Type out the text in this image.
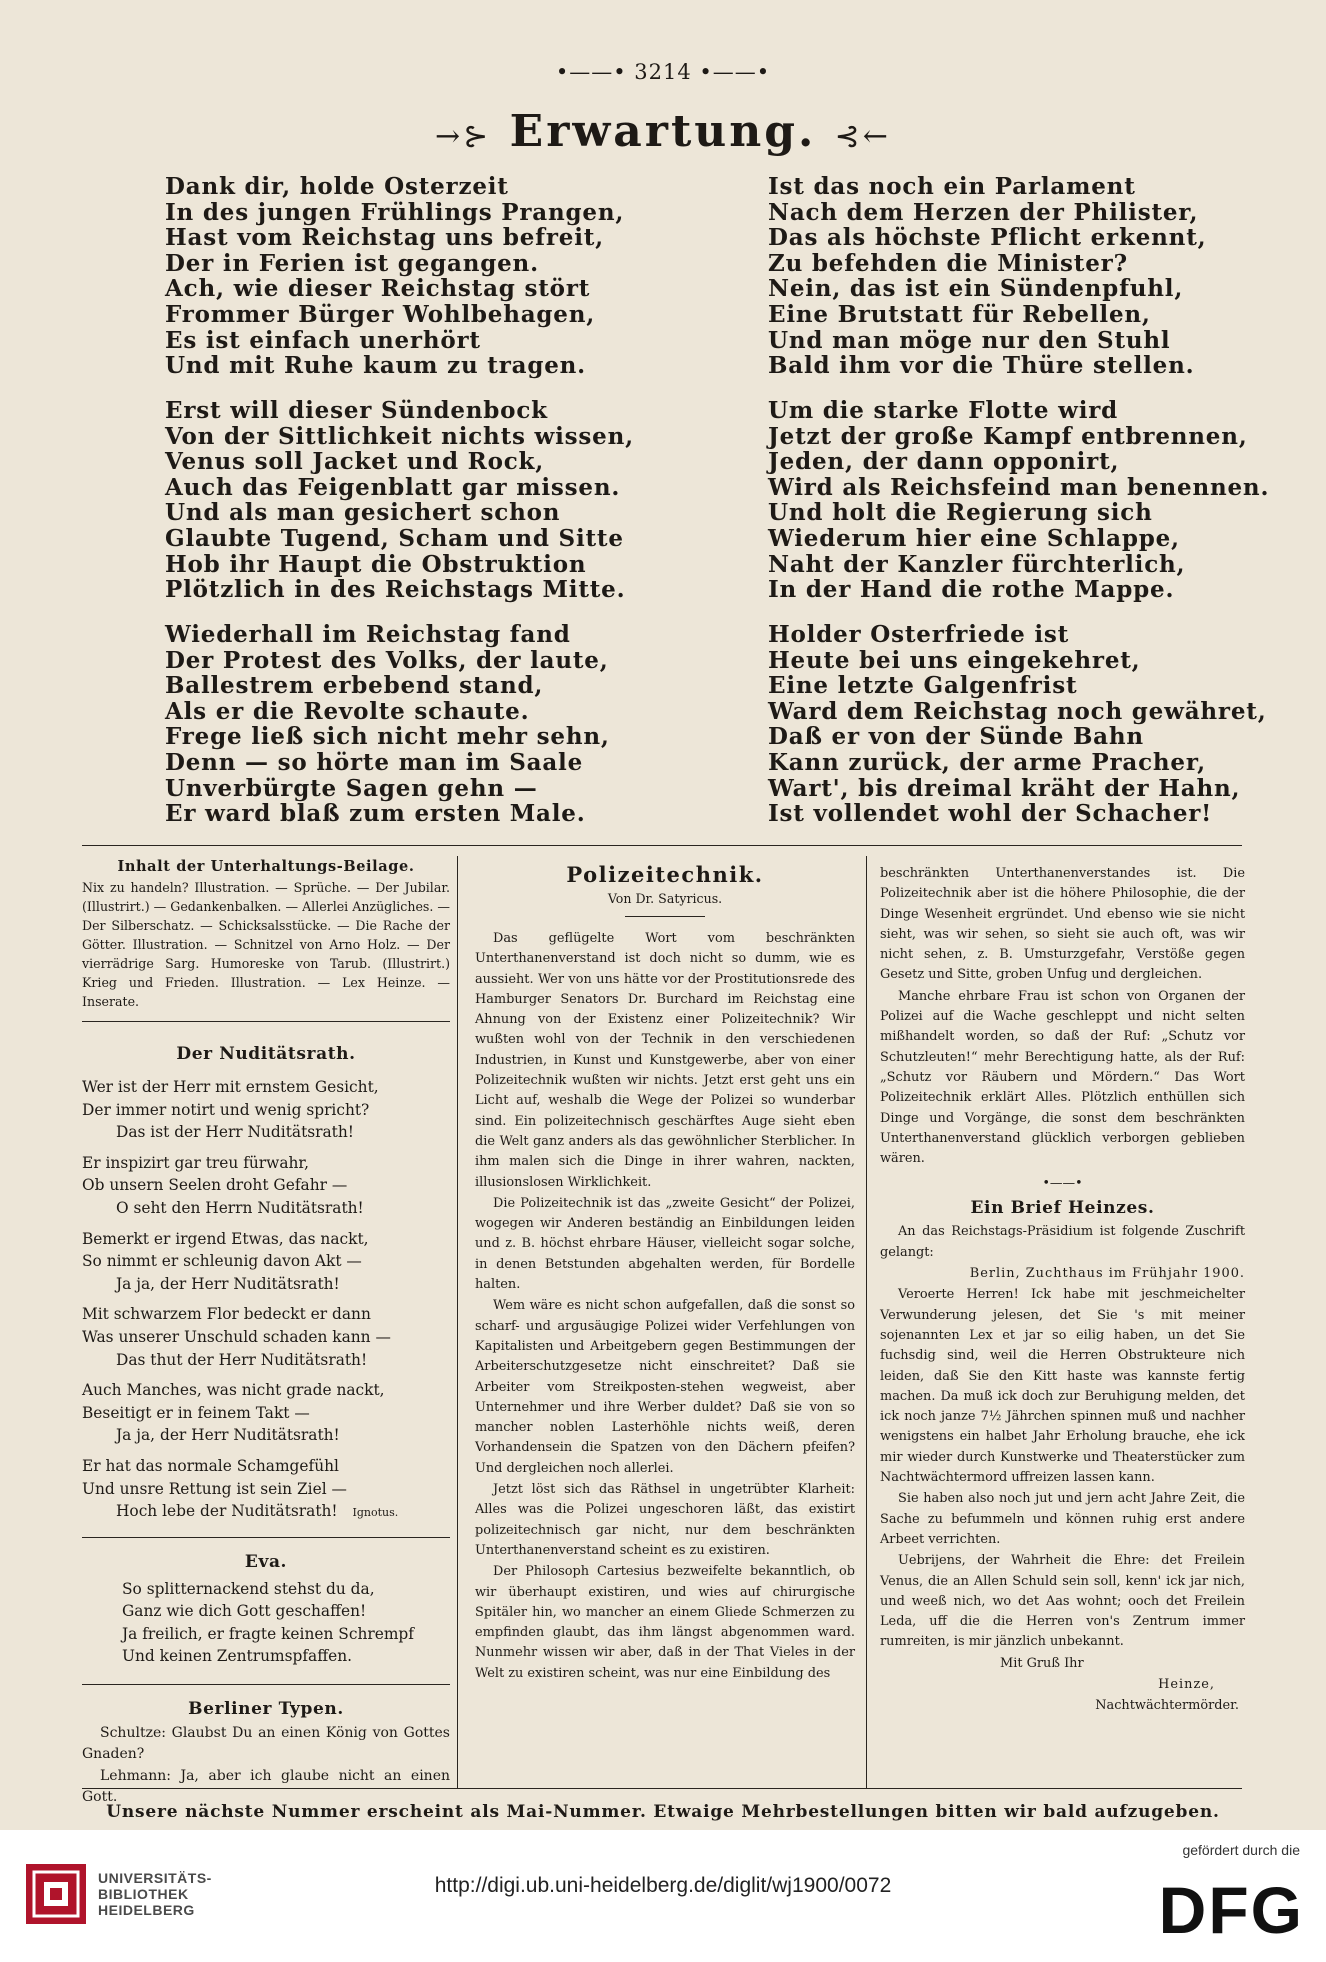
•——• 3214 •——•
→⊱ Erwartung. ⊰←
Dank dir, holde Osterzeit
In des jungen Frühlings Prangen,
Hast vom Reichstag uns befreit,
Der in Ferien ist gegangen.
Ach, wie dieser Reichstag stört
Frommer Bürger Wohlbehagen,
Es ist einfach unerhört
Und mit Ruhe kaum zu tragen.
Erst will dieser Sündenbock
Von der Sittlichkeit nichts wissen,
Venus soll Jacket und Rock,
Auch das Feigenblatt gar missen.
Und als man gesichert schon
Glaubte Tugend, Scham und Sitte
Hob ihr Haupt die Obstruktion
Plötzlich in des Reichstags Mitte.
Wiederhall im Reichstag fand
Der Protest des Volks, der laute,
Ballestrem erbebend stand,
Als er die Revolte schaute.
Frege ließ sich nicht mehr sehn,
Denn — so hörte man im Saale
Unverbürgte Sagen gehn —
Er ward blaß zum ersten Male.
Ist das noch ein Parlament
Nach dem Herzen der Philister,
Das als höchste Pflicht erkennt,
Zu befehden die Minister?
Nein, das ist ein Sündenpfuhl,
Eine Brutstatt für Rebellen,
Und man möge nur den Stuhl
Bald ihm vor die Thüre stellen.
Um die starke Flotte wird
Jetzt der große Kampf entbrennen,
Jeden, der dann opponirt,
Wird als Reichsfeind man benennen.
Und holt die Regierung sich
Wiederum hier eine Schlappe,
Naht der Kanzler fürchterlich,
In der Hand die rothe Mappe.
Holder Osterfriede ist
Heute bei uns eingekehret,
Eine letzte Galgenfrist
Ward dem Reichstag noch gewähret,
Daß er von der Sünde Bahn
Kann zurück, der arme Pracher,
Wart', bis dreimal kräht der Hahn,
Ist vollendet wohl der Schacher!
Inhalt der Unterhaltungs-Beilage.
Nix zu handeln? Illustration. — Sprüche. — Der Jubilar. (Illustrirt.) — Gedankenbalken. — Allerlei Anzügliches. — Der Silberschatz. — Schicksalsstücke. — Die Rache der Götter. Illustration. — Schnitzel von Arno Holz. — Der vierrädrige Sarg. Humoreske von Tarub. (Illustrirt.) Krieg und Frieden. Illustration. — Lex Heinze. — Inserate.
Der Nuditätsrath.
Wer ist der Herr mit ernstem Gesicht,
Der immer notirt und wenig spricht?
Das ist der Herr Nuditätsrath!
Er inspizirt gar treu fürwahr,
Ob unsern Seelen droht Gefahr —
O seht den Herrn Nuditätsrath!
Bemerkt er irgend Etwas, das nackt,
So nimmt er schleunig davon Akt —
Ja ja, der Herr Nuditätsrath!
Mit schwarzem Flor bedeckt er dann
Was unserer Unschuld schaden kann —
Das thut der Herr Nuditätsrath!
Auch Manches, was nicht grade nackt,
Beseitigt er in feinem Takt —
Ja ja, der Herr Nuditätsrath!
Er hat das normale Schamgefühl
Und unsre Rettung ist sein Ziel —
Hoch lebe der Nuditätsrath! Ignotus.
Eva.
So splitternackend stehst du da,
Ganz wie dich Gott geschaffen!
Ja freilich, er fragte keinen Schrempf
Und keinen Zentrumspfaffen.
Berliner Typen.

Schultze: Glaubst Du an einen König von Gottes Gnaden?

Lehmann: Ja, aber ich glaube nicht an einen Gott.

Polizeitechnik.
Von Dr. Satyricus.

Das geflügelte Wort vom beschränkten Unterthanenverstand ist doch nicht so dumm, wie es aussieht. Wer von uns hätte vor der Prostitutionsrede des Hamburger Senators Dr. Burchard im Reichstag eine Ahnung von der Existenz einer Polizeitechnik? Wir wußten wohl von der Technik in den verschiedenen Industrien, in Kunst und Kunstgewerbe, aber von einer Polizeitechnik wußten wir nichts. Jetzt erst geht uns ein Licht auf, weshalb die Wege der Polizei so wunderbar sind. Ein polizeitechnisch geschärftes Auge sieht eben die Welt ganz anders als das gewöhnlicher Sterblicher. In ihm malen sich die Dinge in ihrer wahren, nackten, illusionslosen Wirklichkeit.

Die Polizeitechnik ist das „zweite Gesicht“ der Polizei, wogegen wir Anderen beständig an Einbildungen leiden und z. B. höchst ehrbare Häuser, vielleicht sogar solche, in denen Betstunden abgehalten werden, für Bordelle halten.

Wem wäre es nicht schon aufgefallen, daß die sonst so scharf- und argusäugige Polizei wider Verfehlungen von Kapitalisten und Arbeitgebern gegen Bestimmungen der Arbeiterschutzgesetze nicht einschreitet? Daß sie Arbeiter vom Streikposten-stehen wegweist, aber Unternehmer und ihre Werber duldet? Daß sie von so mancher noblen Lasterhöhle nichts weiß, deren Vorhandensein die Spatzen von den Dächern pfeifen? Und dergleichen noch allerlei.

Jetzt löst sich das Räthsel in ungetrübter Klarheit: Alles was die Polizei ungeschoren läßt, das existirt polizeitechnisch gar nicht, nur dem beschränkten Unterthanenverstand scheint es zu existiren.

Der Philosoph Cartesius bezweifelte bekanntlich, ob wir überhaupt existiren, und wies auf chirurgische Spitäler hin, wo mancher an einem Gliede Schmerzen zu empfinden glaubt, das ihm längst abgenommen ward. Nunmehr wissen wir aber, daß in der That Vieles in der Welt zu existiren scheint, was nur eine Einbildung des

beschränkten Unterthanenverstandes ist. Die Polizeitechnik aber ist die höhere Philosophie, die der Dinge Wesenheit ergründet. Und ebenso wie sie nicht sieht, was wir sehen, so sieht sie auch oft, was wir nicht sehen, z. B. Umsturzgefahr, Verstöße gegen Gesetz und Sitte, groben Unfug und dergleichen.

Manche ehrbare Frau ist schon von Organen der Polizei auf die Wache geschleppt und nicht selten mißhandelt worden, so daß der Ruf: „Schutz vor Schutzleuten!“ mehr Berechtigung hatte, als der Ruf: „Schutz vor Räubern und Mördern.“ Das Wort Polizeitechnik erklärt Alles. Plötzlich enthüllen sich Dinge und Vorgänge, die sonst dem beschränkten Unterthanenverstand glücklich verborgen geblieben wären.

•——•
Ein Brief Heinzes.

An das Reichstags-Präsidium ist folgende Zuschrift gelangt:

Berlin, Zuchthaus im Frühjahr 1900.

Veroerte Herren! Ick habe mit jeschmeichelter Verwunderung jelesen, det Sie 's mit meiner sojenannten Lex et jar so eilig haben, un det Sie fuchsdig sind, weil die Herren Obstrukteure nich leiden, daß Sie den Kitt haste was kannste fertig machen. Da muß ick doch zur Beruhigung melden, det ick noch janze 7½ Jährchen spinnen muß und nachher wenigstens ein halbet Jahr Erholung brauche, ehe ick mir wieder durch Kunstwerke und Theaterstücker zum Nachtwächtermord uffreizen lassen kann.

Sie haben also noch jut und jern acht Jahre Zeit, die Sache zu befummeln und können ruhig erst andere Arbeet verrichten.

Uebrijens, der Wahrheit die Ehre: det Freilein Venus, die an Allen Schuld sein soll, kenn' ick jar nich, und weeß nich, wo det Aas wohnt; ooch det Freilein Leda, uff die die Herren von's Zentrum immer rumreiten, is mir jänzlich unbekannt.

Mit Gruß Ihr

Heinze,

Nachtwächtermörder.

Unsere nächste Nummer erscheint als Mai-Nummer. Etwaige Mehrbestellungen bitten wir bald aufzugeben.
UNIVERSITÄTS-
BIBLIOTHEK
HEIDELBERG
http://digi.ub.uni-heidelberg.de/diglit/wj1900/0072
gefördert durch die
DFG
